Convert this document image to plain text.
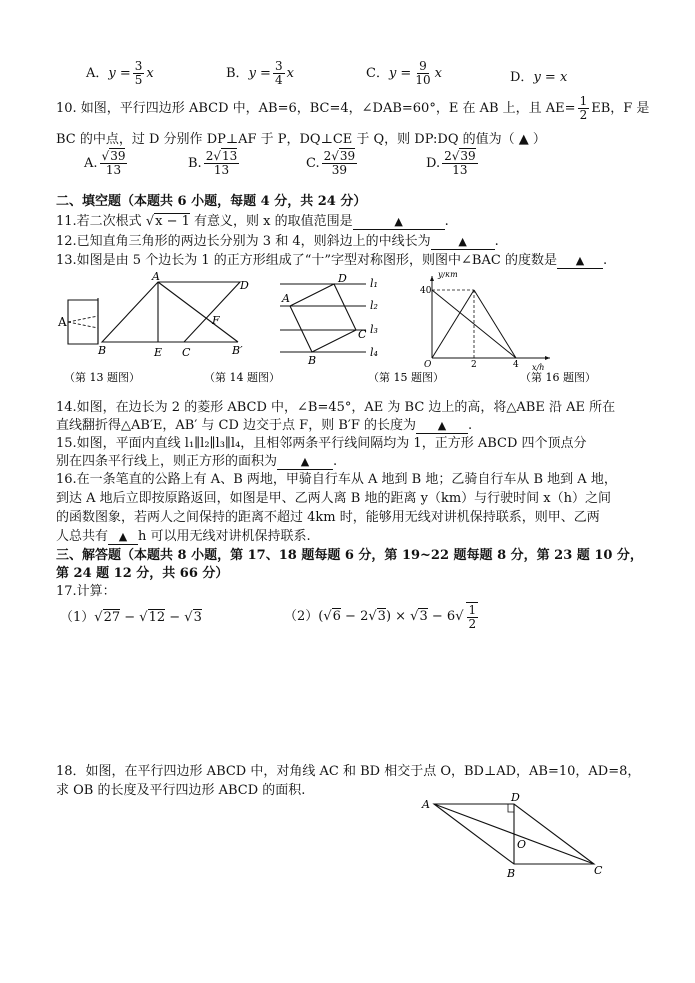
A．$y = \frac{3}{5}$ x	B．$y = \frac{3}{4}$ x	C．$y = \frac{9}{10}$ x	D．y = x
10. 如图，平行四边形 ABCD 中，AB=6，BC=4，∠DAB=60°，E 在 AB 上，且 $AE= \frac{1}{2}$ EB，F 是
BC 的中点，过 D 分别作 DP⊥AF 于 P，DQ⊥CE 于 Q，则 DP:DQ 的值为（ ▲ ）
A. $\frac{√39}{13}$	B. $\frac{2√13}{13}$	C. $\frac{2√39}{39}$	D. $\frac{2√39}{13}$
二、填空题（本题共 6 小题，每题 4 分，共 24 分）
11.若二次根式 √x − 1 有意义，则 x 的取值范围是	▲	.
12.已知直角三角形的两边长分别为 3 和 4，则斜边上的中线长为	▲ .
13.如图是由 5 个边长为 1 的正方形组成了“十”字型对称图形，则图中∠BAC 的度数是 ▲ .
A
（第 13 题图）
A
D
B	E C
F
B′
（第 14 题图）
D
A
C
B
l₁
l₂
l₃
l₄
（第 15 题图）
y/km
x/h
40
O	2	4
（第 16 题图）
14.如图，在边长为 2 的菱形 ABCD 中，∠B=45°，AE 为 BC 边上的高，将△ABE 沿 AE 所在
直线翻折得△AB′E，AB′ 与 CD 边交于点 F，则 B′F 的长度为 ▲ .
15.如图，平面内直线 l₁∥l₂∥l₃∥l₄，且相邻两条平行线间隔均为 1，正方形 ABCD 四个顶点分
别在四条平行线上，则正方形的面积为 ▲ .
16.在一条笔直的公路上有 A、B 两地，甲骑自行车从 A 地到 B 地；乙骑自行车从 B 地到 A 地，
到达 A 地后立即按原路返回，如图是甲、乙两人离 B 地的距离 y（km）与行驶时间 x（h）之间
的函数图象，若两人之间保持的距离不超过 4km 时，能够用无线对讲机保持联系，则甲、乙两
人总共有 ▲ h 可以用无线对讲机保持联系.
三、解答题（本题共 8 小题，第 17、18 题每题 6 分，第 19~22 题每题 8 分，第 23 题 10 分，
第 24 题 12 分，共 66 分）
17.计算：
（1）√27 − √12 − √3	$(2)(√6 - 2√3) \times √3 - 6√ \frac{1}{2}$
18．如图，在平行四边形 ABCD 中，对角线 AC 和 BD 相交于点 O，BD⊥AD，AB=10，AD=8，
求 OB 的长度及平行四边形 ABCD 的面积.
A
D
O
B	C
